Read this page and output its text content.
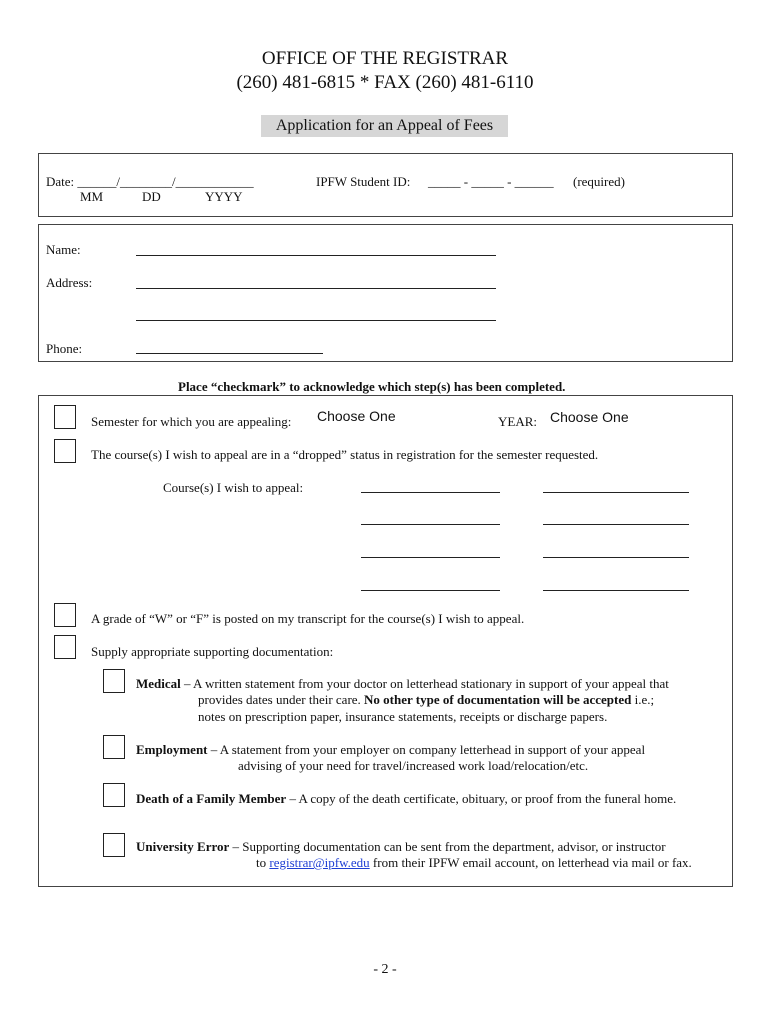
OFFICE OF THE REGISTRAR
(260) 481-6815 * FAX (260) 481-6110
Application for an Appeal of Fees
Date: ______/________/____________
MM	DD	YYYY
IPFW Student ID: _____ - _____ - ______ (required)
Name:
Address:
Phone:
Place “checkmark” to acknowledge which step(s) has been completed.
Semester for which you are appealing: Choose One	YEAR: Choose One
The course(s) I wish to appeal are in a “dropped” status in registration for the semester requested.
Course(s) I wish to appeal:
A grade of “W” or “F” is posted on my transcript for the course(s) I wish to appeal.
Supply appropriate supporting documentation:
Medical – A written statement from your doctor on letterhead stationary in support of your appeal that
provides dates under their care. No other type of documentation will be accepted i.e.;
notes on prescription paper, insurance statements, receipts or discharge papers.
Employment – A statement from your employer on company letterhead in support of your appeal
advising of your need for travel/increased work load/relocation/etc.
Death of a Family Member – A copy of the death certificate, obituary, or proof from the funeral home.
University Error – Supporting documentation can be sent from the department, advisor, or instructor
to registrar@ipfw.edu from their IPFW email account, on letterhead via mail or fax.
- 2 -
